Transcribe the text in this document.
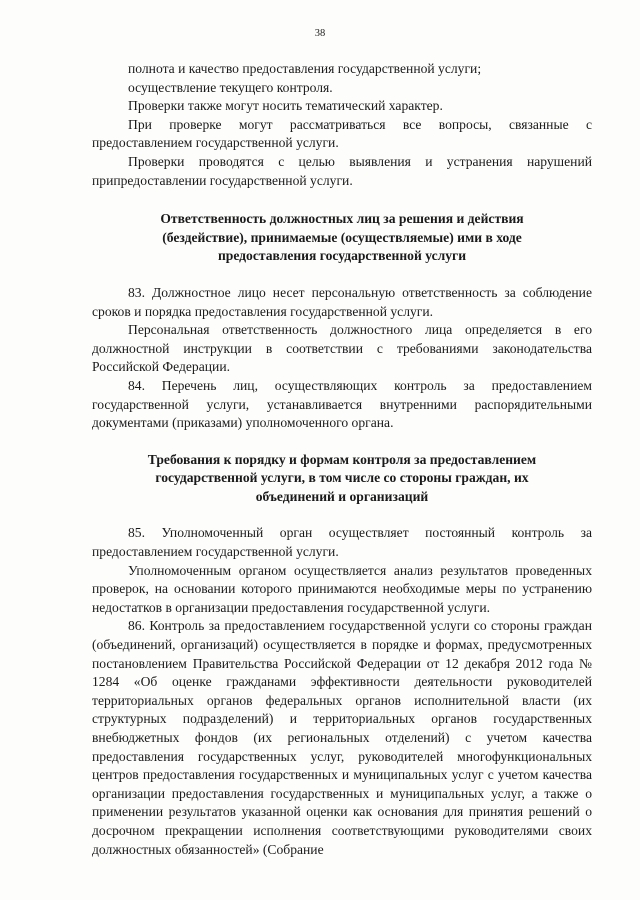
38

полнота и качество предоставления государственной услуги;

осуществление текущего контроля.

Проверки также могут носить тематический характер.

При проверке могут рассматриваться все вопросы, связанные с предоставлением государственной услуги.

Проверки проводятся с целью выявления и устранения нарушений припредоставлении государственной услуги.

Ответственность должностных лиц за решения и действия (бездействие), принимаемые (осуществляемые) ими в ходе предоставления государственной услуги

83. Должностное лицо несет персональную ответственность за соблюдение сроков и порядка предоставления государственной услуги.

Персональная ответственность должностного лица определяется в его должностной инструкции в соответствии с требованиями законодательства Российской Федерации.

84. Перечень лиц, осуществляющих контроль за предоставлением государственной услуги, устанавливается внутренними распорядительными документами (приказами) уполномоченного органа.

Требования к порядку и формам контроля за предоставлением государственной услуги, в том числе со стороны граждан, их объединений и организаций

85. Уполномоченный орган осуществляет постоянный контроль за предоставлением государственной услуги.

Уполномоченным органом осуществляется анализ результатов проведенных проверок, на основании которого принимаются необходимые меры по устранению недостатков в организации предоставления государственной услуги.

86. Контроль за предоставлением государственной услуги со стороны граждан (объединений, организаций) осуществляется в порядке и формах, предусмотренных постановлением Правительства Российской Федерации от 12 декабря 2012 года № 1284 «Об оценке гражданами эффективности деятельности руководителей территориальных органов федеральных органов исполнительной власти (их структурных подразделений) и территориальных органов государственных внебюджетных фондов (их региональных отделений) с учетом качества предоставления государственных услуг, руководителей многофункциональных центров предоставления государственных и муниципальных услуг с учетом качества организации предоставления государственных и муниципальных услуг, а также о применении результатов указанной оценки как основания для принятия решений о досрочном прекращении исполнения соответствующими руководителями своих должностных обязанностей» (Собрание
